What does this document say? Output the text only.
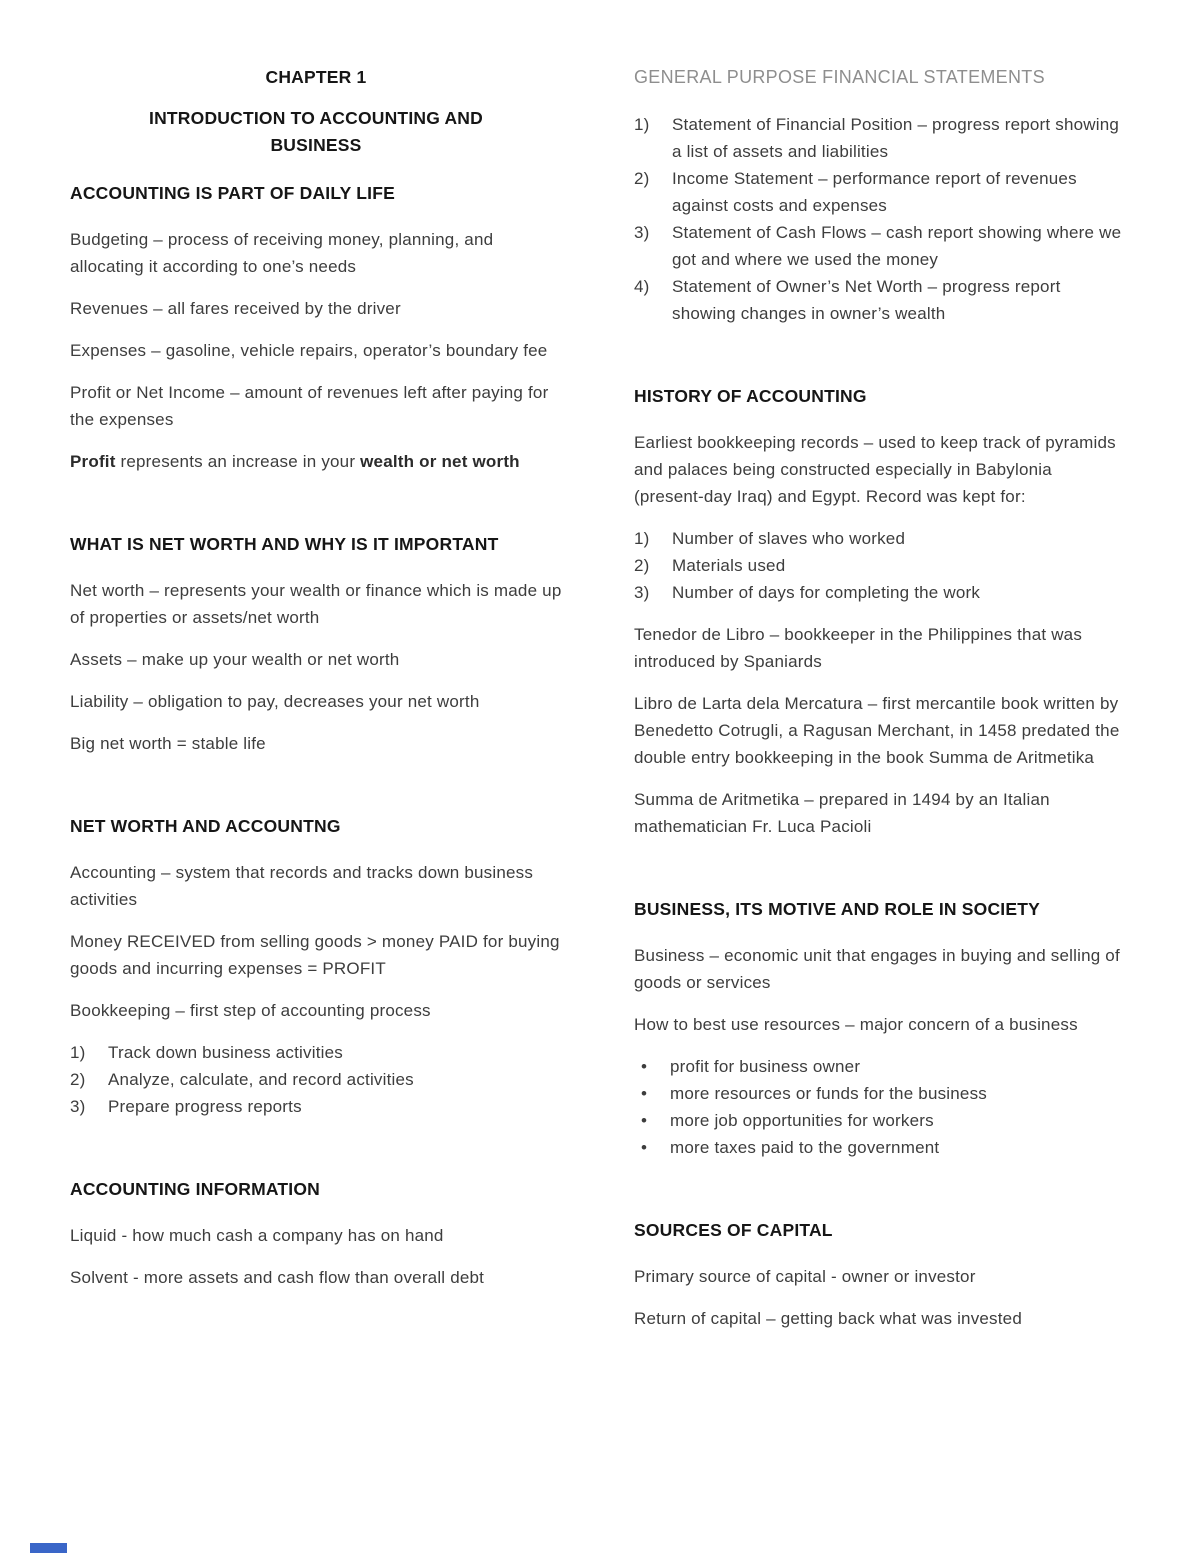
CHAPTER 1
INTRODUCTION TO ACCOUNTING AND BUSINESS
ACCOUNTING IS PART OF DAILY LIFE

Budgeting – process of receiving money, planning, and allocating it according to one’s needs

Revenues – all fares received by the driver

Expenses – gasoline, vehicle repairs, operator’s boundary fee

Profit or Net Income – amount of revenues left after paying for the expenses

Profit represents an increase in your wealth or net worth

WHAT IS NET WORTH AND WHY IS IT IMPORTANT

Net worth – represents your wealth or finance which is made up of properties or assets/net worth

Assets – make up your wealth or net worth

Liability – obligation to pay, decreases your net worth

Big net worth = stable life

NET WORTH AND ACCOUNTNG

Accounting – system that records and tracks down business activities

Money RECEIVED from selling goods > money PAID for buying goods and incurring expenses = PROFIT

Bookkeeping – first step of accounting process

Track down business activities
Analyze, calculate, and record activities
Prepare progress reports
ACCOUNTING INFORMATION

Liquid - how much cash a company has on hand

Solvent - more assets and cash flow than overall debt

GENERAL PURPOSE FINANCIAL STATEMENTS
Statement of Financial Position – progress report showing a list of assets and liabilities
Income Statement – performance report of revenues against costs and expenses
Statement of Cash Flows – cash report showing where we got and where we used the money
Statement of Owner’s Net Worth – progress report showing changes in owner’s wealth
HISTORY OF ACCOUNTING

Earliest bookkeeping records – used to keep track of pyramids and palaces being constructed especially in Babylonia (present-day Iraq) and Egypt. Record was kept for:

Number of slaves who worked
Materials used
Number of days for completing the work

Tenedor de Libro – bookkeeper in the Philippines that was introduced by Spaniards

Libro de Larta dela Mercatura – first mercantile book written by Benedetto Cotrugli, a Ragusan Merchant, in 1458 predated the double entry bookkeeping in the book Summa de Aritmetika

Summa de Aritmetika – prepared in 1494 by an Italian mathematician Fr. Luca Pacioli

BUSINESS, ITS MOTIVE AND ROLE IN SOCIETY

Business – economic unit that engages in buying and selling of goods or services

How to best use resources – major concern of a business

• profit for business owner
• more resources or funds for the business
• more job opportunities for workers
• more taxes paid to the government
SOURCES OF CAPITAL

Primary source of capital - owner or investor

Return of capital – getting back what was invested
